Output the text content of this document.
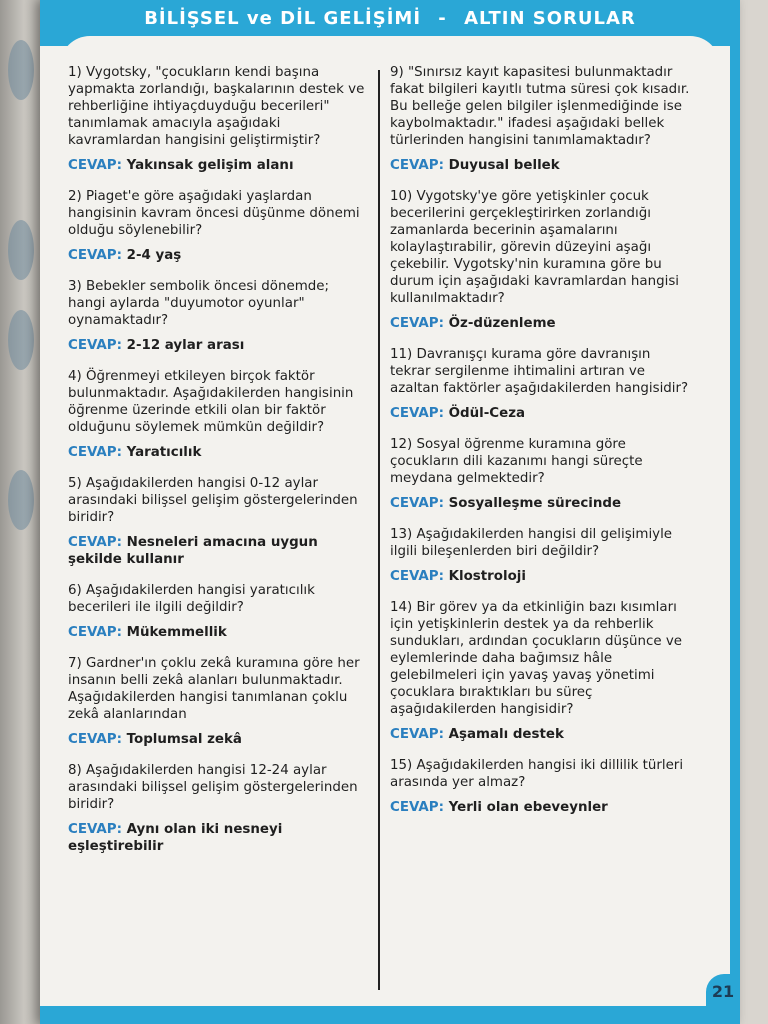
BİLİŞSEL ve DİL GELİŞİMİ - ALTIN SORULAR

1) Vygotsky, "çocukların kendi başına yapmakta zorlandığı, başkalarının destek ve rehberliğine ihtiyaçduyduğu becerileri" tanımlamak amacıyla aşağıdaki kavramlardan hangisini geliştirmiştir?

CEVAP: Yakınsak gelişim alanı

2) Piaget'e göre aşağıdaki yaşlardan hangisinin kavram öncesi düşünme dönemi olduğu söylenebilir?

CEVAP: 2-4 yaş

3) Bebekler sembolik öncesi dönemde; hangi aylarda "duyumotor oyunlar" oynamaktadır?

CEVAP: 2-12 aylar arası

4) Öğrenmeyi etkileyen birçok faktör bulunmaktadır. Aşağıdakilerden hangisinin öğrenme üzerinde etkili olan bir faktör olduğunu söylemek mümkün değildir?

CEVAP: Yaratıcılık

5) Aşağıdakilerden hangisi 0-12 aylar arasındaki bilişsel gelişim göstergelerinden biridir?

CEVAP: Nesneleri amacına uygun şekilde kullanır

6) Aşağıdakilerden hangisi yaratıcılık becerileri ile ilgili değildir?

CEVAP: Mükemmellik

7) Gardner'ın çoklu zekâ kuramına göre her insanın belli zekâ alanları bulunmaktadır. Aşağıdakilerden hangisi tanımlanan çoklu zekâ alanlarından

CEVAP: Toplumsal zekâ

8) Aşağıdakilerden hangisi 12-24 aylar arasındaki bilişsel gelişim göstergelerinden biridir?

CEVAP: Aynı olan iki nesneyi eşleştirebilir

9) "Sınırsız kayıt kapasitesi bulunmaktadır fakat bilgileri kayıtlı tutma süresi çok kısadır. Bu belleğe gelen bilgiler işlenmediğinde ise kaybolmaktadır." ifadesi aşağıdaki bellek türlerinden hangisini tanımlamaktadır?

CEVAP: Duyusal bellek

10) Vygotsky'ye göre yetişkinler çocuk becerilerini gerçekleştirirken zorlandığı zamanlarda becerinin aşamalarını kolaylaştırabilir, görevin düzeyini aşağı çekebilir. Vygotsky'nin kuramına göre bu durum için aşağıdaki kavramlardan hangisi kullanılmaktadır?

CEVAP: Öz-düzenleme

11) Davranışçı kurama göre davranışın tekrar sergilenme ihtimalini artıran ve azaltan faktörler aşağıdakilerden hangisidir?

CEVAP: Ödül-Ceza

12) Sosyal öğrenme kuramına göre çocukların dili kazanımı hangi süreçte meydana gelmektedir?

CEVAP: Sosyalleşme sürecinde

13) Aşağıdakilerden hangisi dil gelişimiyle ilgili bileşenlerden biri değildir?

CEVAP: Klostroloji

14) Bir görev ya da etkinliğin bazı kısımları için yetişkinlerin destek ya da rehberlik sundukları, ardından çocukların düşünce ve eylemlerinde daha bağımsız hâle gelebilmeleri için yavaş yavaş yönetimi çocuklara bıraktıkları bu süreç aşağıdakilerden hangisidir?

CEVAP: Aşamalı destek

15) Aşağıdakilerden hangisi iki dillilik türleri arasında yer almaz?

CEVAP: Yerli olan ebeveynler

21
